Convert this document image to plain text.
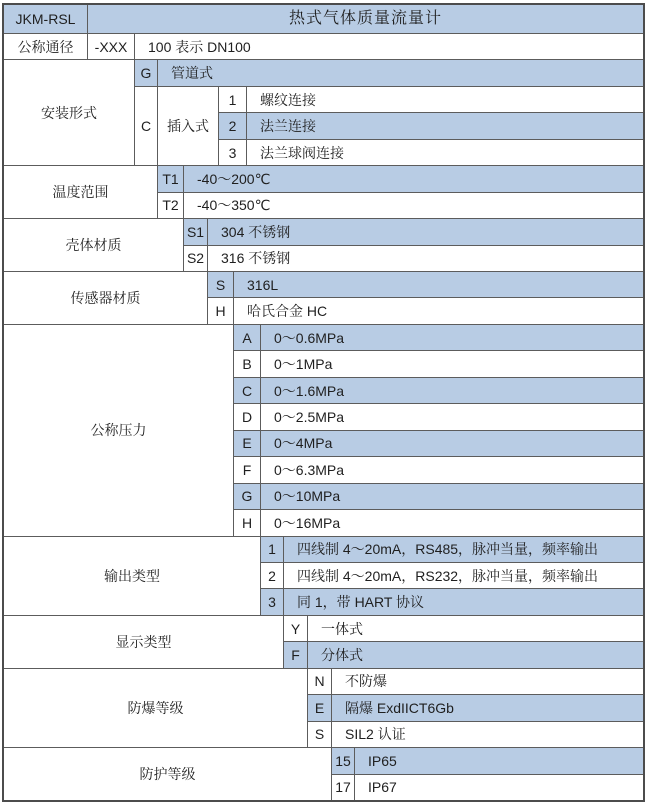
JKM-RSL	热式气体质量流量计
公称通径	-XXX	100 表示 DN100
安装形式
G	管道式
C	插入式
1	螺纹连接
2	法兰连接
3	法兰球阀连接
温度范围
T1	-40～200℃
T2	-40～350℃
壳体材质
S1	304 不锈钢
S2	316 不锈钢
传感器材质
S	316L
H	哈氏合金 HC
公称压力
A	0～0.6MPa
B	0～1MPa
C	0～1.6MPa
D	0～2.5MPa
E	0～4MPa
F	0～6.3MPa
G	0～10MPa
H	0～16MPa
输出类型
1	四线制 4～20mA，RS485，脉冲当量，频率输出
2	四线制 4～20mA，RS232，脉冲当量，频率输出
3	同 1，带 HART 协议
显示类型
Y	一体式
F	分体式
防爆等级
N	不防爆
E	隔爆 ExdIICT6Gb
S	SIL2 认证
防护等级
15	IP65
17	IP67
